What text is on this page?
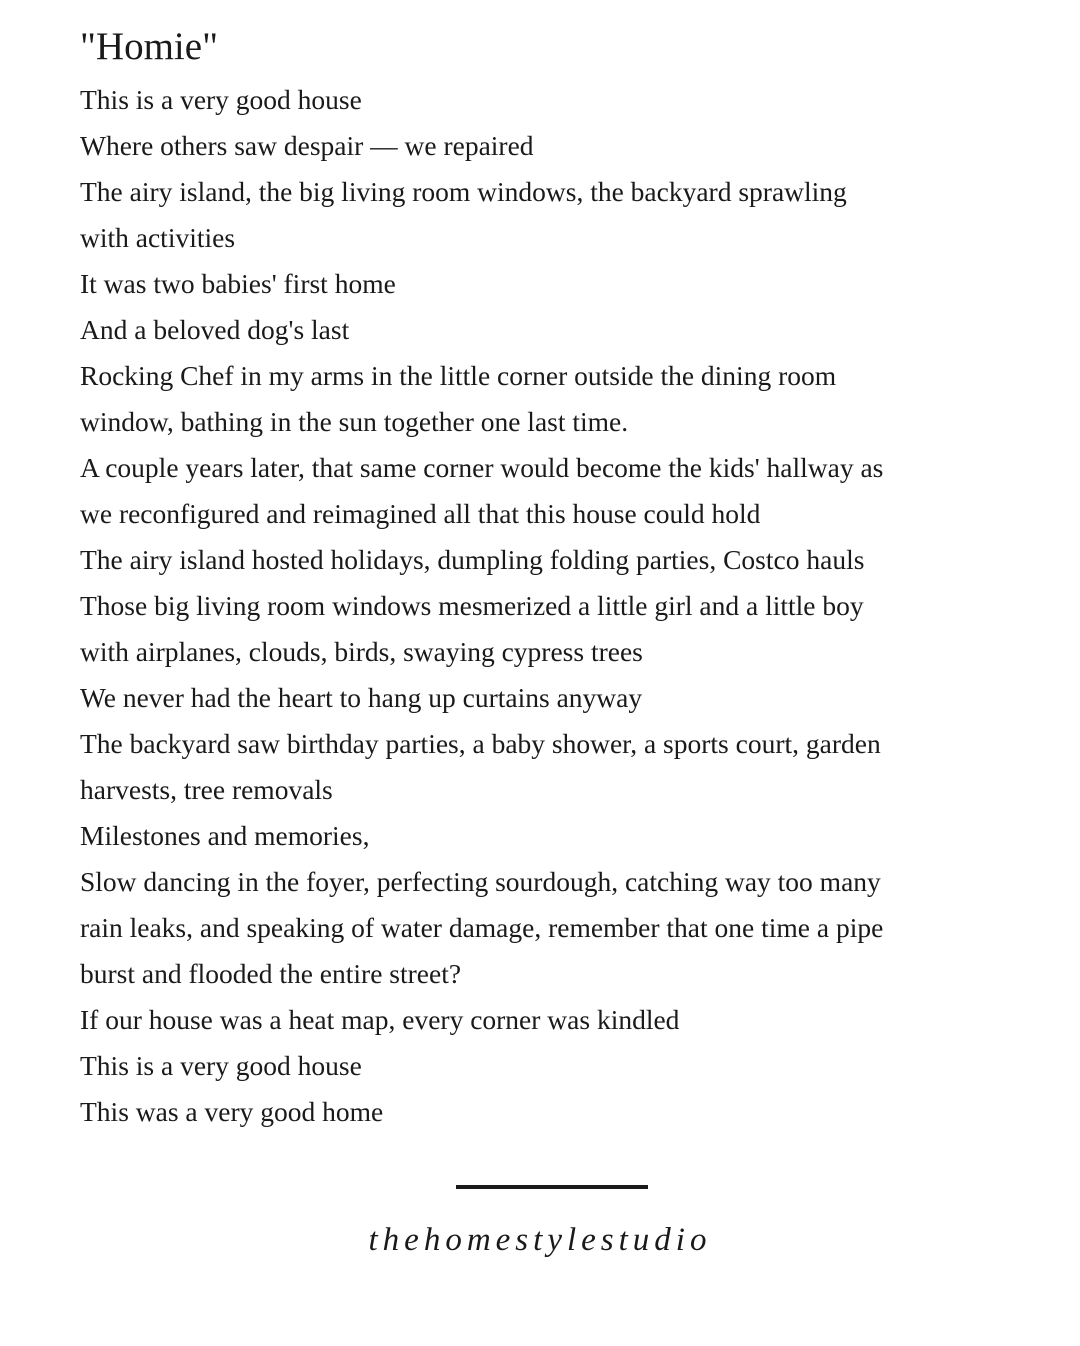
"Homie"
This is a very good house
Where others saw despair — we repaired
The airy island, the big living room windows, the backyard sprawling
with activities
It was two babies' first home
And a beloved dog's last
Rocking Chef in my arms in the little corner outside the dining room
window, bathing in the sun together one last time.
A couple years later, that same corner would become the kids' hallway as
we reconfigured and reimagined all that this house could hold
The airy island hosted holidays, dumpling folding parties, Costco hauls
Those big living room windows mesmerized a little girl and a little boy
with airplanes, clouds, birds, swaying cypress trees
We never had the heart to hang up curtains anyway
The backyard saw birthday parties, a baby shower, a sports court, garden
harvests, tree removals
Milestones and memories,
Slow dancing in the foyer, perfecting sourdough, catching way too many
rain leaks, and speaking of water damage, remember that one time a pipe
burst and flooded the entire street?
If our house was a heat map, every corner was kindled
This is a very good house
This was a very good home
thehomestylestudio
